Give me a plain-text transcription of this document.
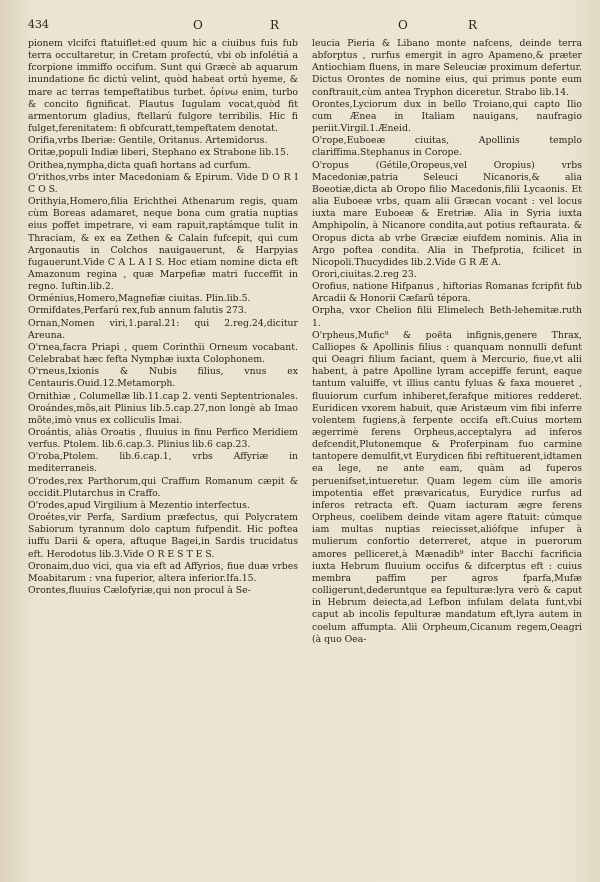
434	O	R	O	R

pionem vlcifci ftatuiflet:ed quum hic a ciuibus fuis fub terra occultaretur, in Cretam profectú, vbi ob infolétiá a fcorpione immiffo occifum. Sunt qui Græcè ab aquarum inundatione fic dictú velint, quòd habeat ortú hyeme, & mare ac terras tempeftatibus turbet. ὀρίνω enim, turbo & concito fignificat. Plautus Iugulam vocat,quòd fit armentorum gladius, ftellarú fulgore terribilis. Hic fi fulget,ferenitatem: fi obfcuratt,tempeftatem denotat.

Orifia,vrbs Iberiæ: Gentile, Oritanus. Artemidorus.

Oritæ,populi Indiæ liberi, Stephano ex Strabone lib.15.

Orithea,nympha,dicta quafi hortans ad curfum.

O'rithos,vrbs inter Macedoniam & Epirum. Vide D O R I C O S.

Orithyia,Homero,filia Erichthei Athenarum regis, quam cùm Boreas adamaret, neque bona cum gratia nuptias eius poffet impetrare, vi eam rapuit,raptámque tulit in Thraciam, & ex ea Zethen & Calain fufcepit, qui cum Argonautis in Colchos nauigauerunt, & Harpyias fugauerunt.Vide C A L A I S. Hoc etiam nomine dicta eft Amazonum regina , quæ Marpefiæ matri fucceffit in regno. Iuftin.lib.2.

Orménius,Homero,Magnefiæ ciuitas. Plin.lib.5.

Ormifdates,Perfarú rex,fub annum falutis 273.

Ornan,Nomen viri,1.paral.21: qui 2.reg.24,dicitur Areuna.

O'rnea,facra Priapi , quem Corinthii Orneum vocabant. Celebrabat hæc fefta Nymphæ iuxta Colophonem.

O'rneus,Ixionis & Nubis filius, vnus ex Centauris.Ouid.12.Metamorph.

Ornithiæ , Columellæ lib.11.cap 2. venti Septentrionales.

Oroándes,mõs,ait Plinius lib.5.cap.27,non longè ab Imao mõte,imò vnus ex colliculis Imai.

Oroántis, aliàs Oroatis , fluuius in finu Perfico Meridiem verfus. Ptolem. lib.6.cap.3. Plinius lib.6 cap.23.

O'roba,Ptolem. lib.6.cap.1, vrbs Affyriæ in mediterraneis.

O'rodes,rex Parthorum,qui Craffum Romanum cæpit & occidit.Plutarchus in Craffo.

O'rodes,apud Virgilium à Mezentio interfectus.

Oroétes,vir Perfa, Sardium præfectus, qui Polycratem Sabiorum tyrannum dolo captum fufpendit. Hic poftea iuffu Darii & opera, aftuque Bagei,in Sardis trucidatus eft. Herodotus lib.3.Vide O R E S T E S.

Oronaim,duo vici, qua via eft ad Affyrios, fiue duæ vrbes Moabitarum : vna fuperior, altera inferior.Ifa.15.

Orontes,fluuius Cælofyriæ,qui non procul à Se-

leucia Pieria & Libano monte nafcens, deinde terra abforptus , rurfus emergit in agro Apameno,& præter Antiochiam fluens, in mare Seleuciæ proximum defertur. Dictus Orontes de nomine eius, qui primus ponte eum conftrauit,cùm antea Tryphon diceretur. Strabo lib.14.

Orontes,Lyciorum dux in bello Troiano,qui capto Ilio cum Ænea in Italiam nauigans, naufragio periit.Virgil.1.Æneid.

O'rope,Euboeæ ciuitas, Apollinis templo clariffima.Stephanus in Corope.

O'ropus (Gétile,Oropeus,vel Oropius) vrbs Macedoniæ,patria Seleuci Nicanoris,& alia Boeotiæ,dicta ab Oropo filio Macedonis,filii Lycaonis. Et alia Euboeæ vrbs, quam alii Græcan vocant : vel locus iuxta mare Euboeæ & Eretriæ. Alia in Syria iuxta Amphipolin, à Nicanore condita,aut potius reftaurata. & Oropus dicta ab vrbe Græciæ eiufdem nominis. Alia in Argo poftea condita. Alia in Thefprotia, fcilicet in Nicopoli.Thucydides lib.2.Vide G R Æ A.

Orori,ciuitas.2.reg 23.

Orofius, natione Hifpanus , hiftorias Romanas fcripfit fub Arcadii & Honorii Cæfarũ tépora.

Orpha, vxor Chelion filii Elimelech Beth-lehemitæ.ruth 1.

O'rpheus,Mufic⁹ & poëta infignis,genere Thrax, Calliopes & Apollinis filius : quanquam nonnulli defunt qui Oeagri filium faciant, quem à Mercurio, fiue,vt alii habent, à patre Apolline lyram accepiffe ferunt, eaque tantum valuiffe, vt illius cantu fyluas & faxa moueret , fluuiorum curfum inhiberet,ferafque mitiores redderet. Euridicen vxorem habuit, quæ Aristæum vim fibi inferre volentem fugiens,à ferpente occifa eft.Cuius mortem ægerrimè ferens Orpheus,acceptalyra ad inferos defcendit,Plutonemque & Proferpinam fuo carmine tantopere demulfit,vt Eurydicen fibi reftituerent,idtamen ea lege, ne ante eam, quàm ad fuperos peruenifset,intueretur. Quam legem cùm ille amoris impotentia effet prævaricatus, Eurydice rurfus ad inferos retracta eft. Quam iacturam ægre ferens Orpheus, coelibem deinde vitam agere ftatuit: cúmque iam multas nuptias reiecisset,aliófque infuper à mulierum confortio deterreret, atque in puerorum amores pelliceret,à Mænadib⁹ inter Bacchi facrificia iuxta Hebrum fluuium occifus & difcerptus eft : cuius membra paffim per agros fparfa,Mufæ colligerunt,dederuntque ea fepulturæ:lyra verò & caput in Hebrum deiecta,ad Lefbon infulam delata funt,vbi caput ab incolis fepulturæ mandatum eft,lyra autem in coelum affumpta. Alii Orpheum,Cicanum regem,Oeagri (à quo Oea-
